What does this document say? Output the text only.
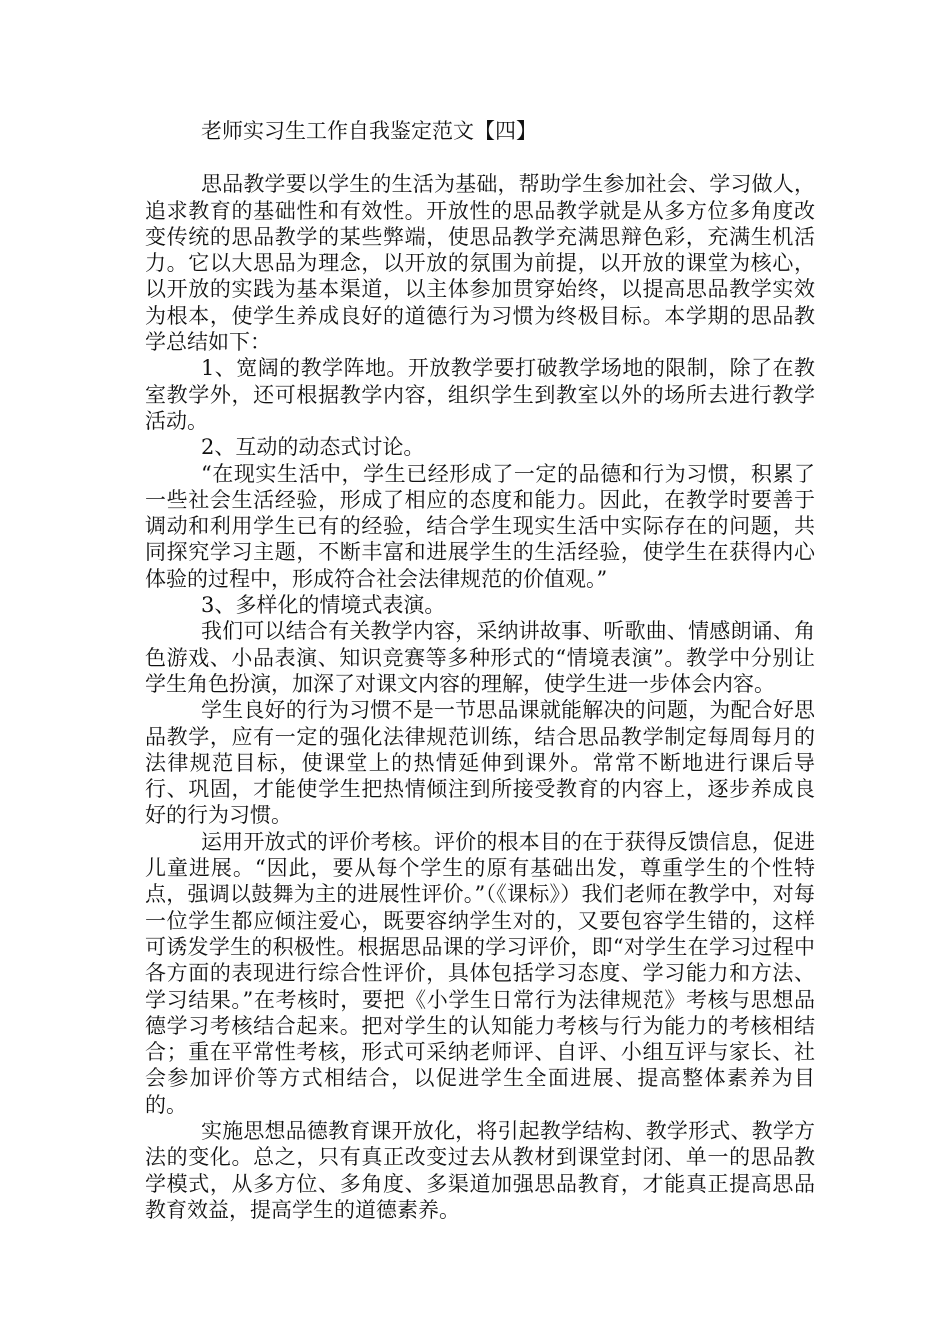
老师实习生工作自我鉴定范文【四】

思品教学要以学生的生活为基础，帮助学生参加社会、学习做人，追求教育的基础性和有效性。开放性的思品教学就是从多方位多角度改变传统的思品教学的某些弊端，使思品教学充满思辩色彩，充满生机活力。它以大思品为理念，以开放的氛围为前提，以开放的课堂为核心，以开放的实践为基本渠道，以主体参加贯穿始终，以提高思品教学实效为根本，使学生养成良好的道德行为习惯为终极目标。本学期的思品教学总结如下：

1、宽阔的教学阵地。开放教学要打破教学场地的限制，除了在教室教学外，还可根据教学内容，组织学生到教室以外的场所去进行教学活动。

2、互动的动态式讨论。

“在现实生活中，学生已经形成了一定的品德和行为习惯，积累了一些社会生活经验，形成了相应的态度和能力。因此，在教学时要善于调动和利用学生已有的经验，结合学生现实生活中实际存在的问题，共同探究学习主题，不断丰富和进展学生的生活经验，使学生在获得内心体验的过程中，形成符合社会法律规范的价值观。”

3、多样化的情境式表演。

我们可以结合有关教学内容，采纳讲故事、听歌曲、情感朗诵、角色游戏、小品表演、知识竞赛等多种形式的“情境表演”。教学中分别让学生角色扮演，加深了对课文内容的理解，使学生进一步体会内容。

学生良好的行为习惯不是一节思品课就能解决的问题，为配合好思品教学，应有一定的强化法律规范训练，结合思品教学制定每周每月的法律规范目标，使课堂上的热情延伸到课外。常常不断地进行课后导行、巩固，才能使学生把热情倾注到所接受教育的内容上，逐步养成良好的行为习惯。

运用开放式的评价考核。评价的根本目的在于获得反馈信息，促进儿童进展。“因此，要从每个学生的原有基础出发，尊重学生的个性特点，强调以鼓舞为主的进展性评价。”（《课标》）我们老师在教学中，对每一位学生都应倾注爱心，既要容纳学生对的，又要包容学生错的，这样可诱发学生的积极性。根据思品课的学习评价，即“对学生在学习过程中各方面的表现进行综合性评价，具体包括学习态度、学习能力和方法、学习结果。”在考核时，要把《小学生日常行为法律规范》考核与思想品德学习考核结合起来。把对学生的认知能力考核与行为能力的考核相结合；重在平常性考核，形式可采纳老师评、自评、小组互评与家长、社会参加评价等方式相结合，以促进学生全面进展、提高整体素养为目的。

实施思想品德教育课开放化，将引起教学结构、教学形式、教学方法的变化。总之，只有真正改变过去从教材到课堂封闭、单一的思品教学模式，从多方位、多角度、多渠道加强思品教育，才能真正提高思品教育效益，提高学生的道德素养。
